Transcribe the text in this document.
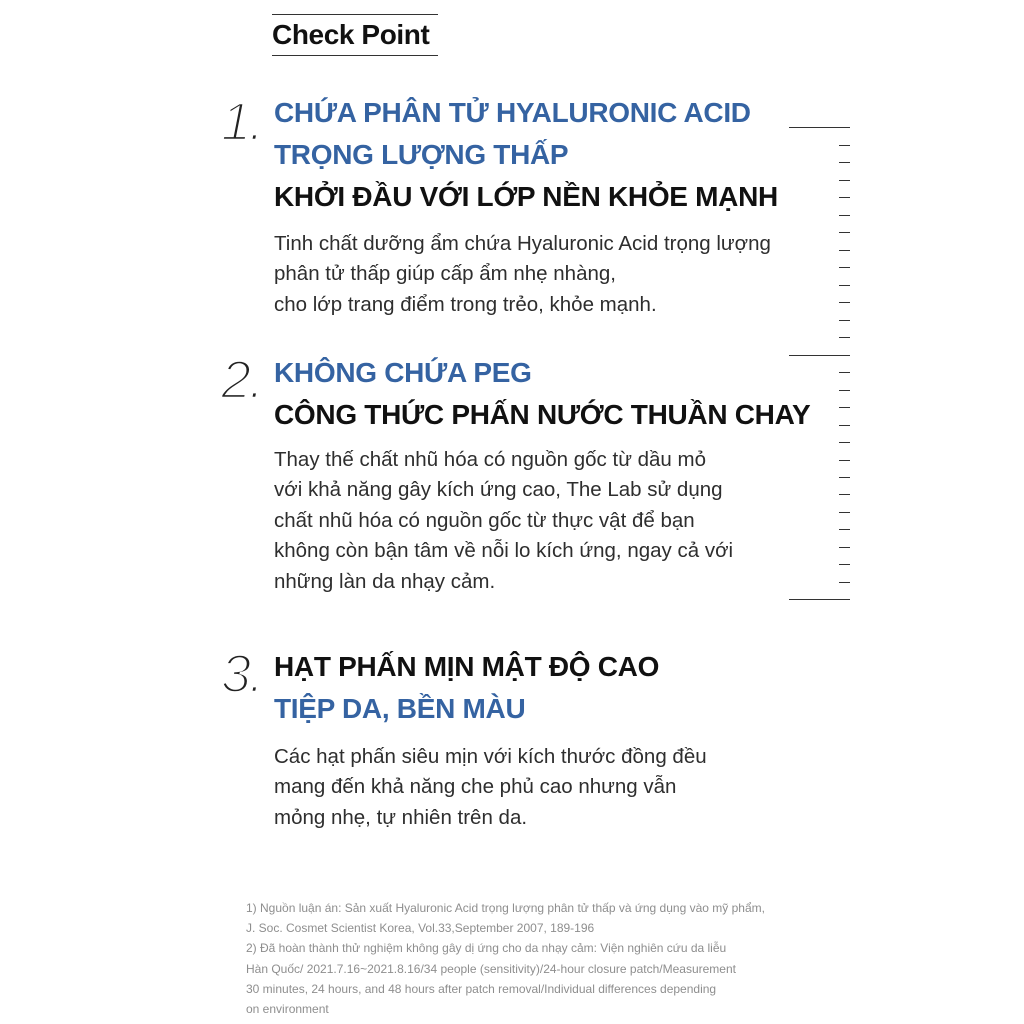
Check Point
1. CHỨA PHÂN TỬ HYALURONIC ACID
TRỌNG LƯỢNG THẤP
KHỞI ĐẦU VỚI LỚP NỀN KHỎE MẠNH
Tinh chất dưỡng ẩm chứa Hyaluronic Acid trọng lượng
phân tử thấp giúp cấp ẩm nhẹ nhàng,
cho lớp trang điểm trong trẻo, khỏe mạnh.
2. KHÔNG CHỨA PEG
CÔNG THỨC PHẤN NƯỚC THUẦN CHAY
Thay thế chất nhũ hóa có nguồn gốc từ dầu mỏ
với khả năng gây kích ứng cao, The Lab sử dụng
chất nhũ hóa có nguồn gốc từ thực vật để bạn
không còn bận tâm về nỗi lo kích ứng, ngay cả với
những làn da nhạy cảm.
3. HẠT PHẤN MỊN MẬT ĐỘ CAO
TIỆP DA, BỀN MÀU
Các hạt phấn siêu mịn với kích thước đồng đều
mang đến khả năng che phủ cao nhưng vẫn
mỏng nhẹ, tự nhiên trên da.
1) Nguồn luận án: Sản xuất Hyaluronic Acid trọng lượng phân tử thấp và ứng dụng vào mỹ phẩm,
J. Soc. Cosmet Scientist Korea, Vol.33,September 2007, 189-196
2) Đã hoàn thành thử nghiệm không gây dị ứng cho da nhạy cảm: Viện nghiên cứu da liễu
Hàn Quốc/ 2021.7.16~2021.8.16/34 people (sensitivity)/24-hour closure patch/Measurement
30 minutes, 24 hours, and 48 hours after patch removal/Individual differences depending
on environment
